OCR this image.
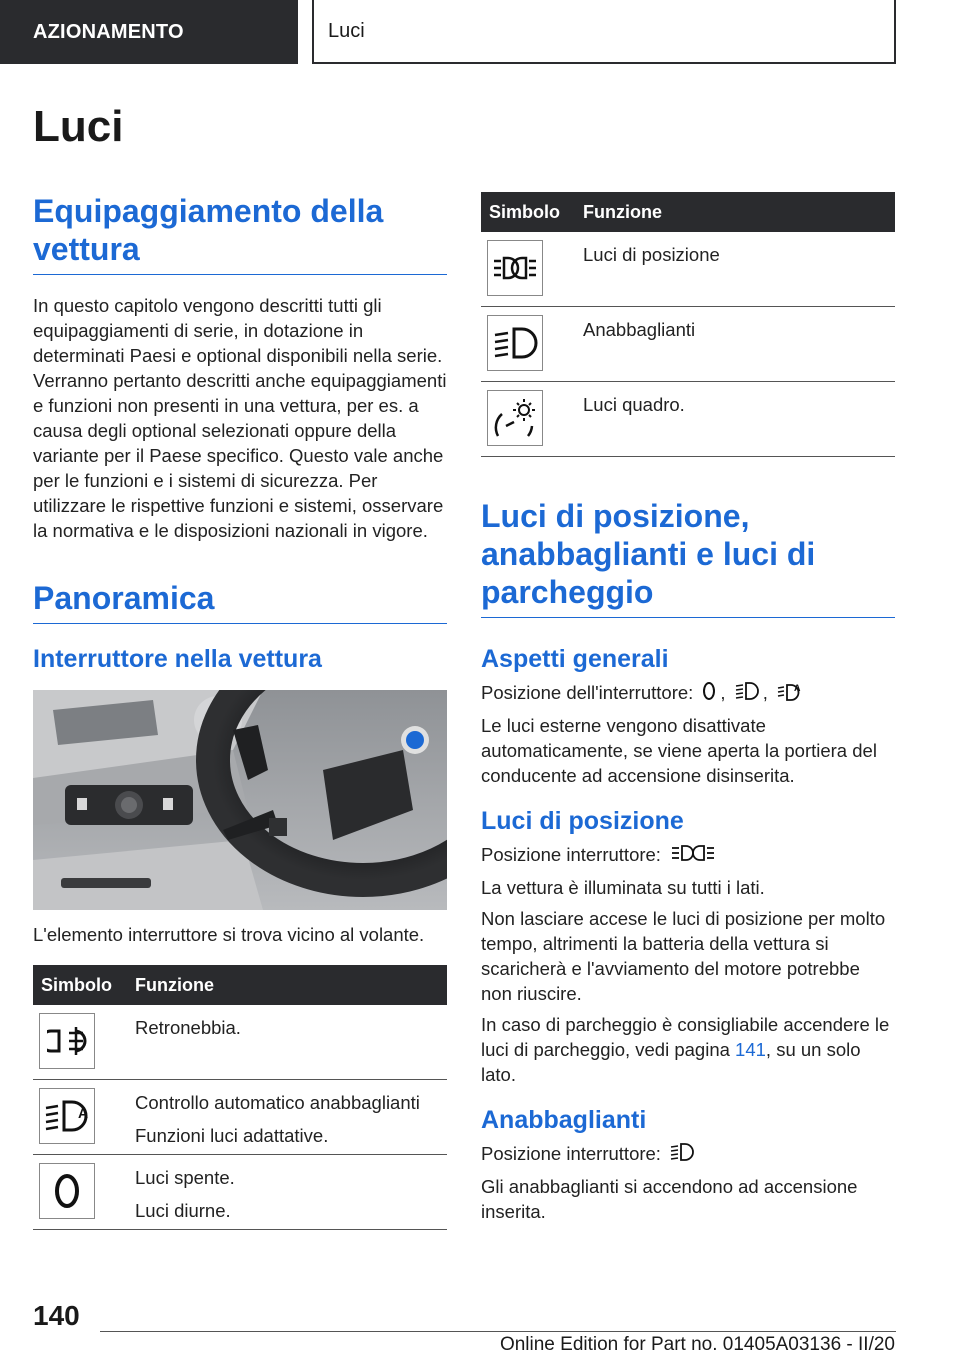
AZIONAMENTO	Luci
Luci
Equipaggiamento della vettura

In questo capitolo vengono descritti tutti gli equipaggiamenti di serie, in dotazione in determinati Paesi e optional disponibili nella serie. Verranno pertanto descritti anche equipaggiamenti e funzioni non presenti in una vettura, per es. a causa degli optional selezionati oppure della variante per il Paese specifico. Questo vale anche per le funzioni e i sistemi di sicurezza. Per utilizzare le rispettive funzioni e sistemi, osservare la normativa e le disposizioni nazionali in vigore.

Panoramica
Interruttore nella vettura

L'elemento interruttore si trova vicino al volante.

Simbolo	Funzione

Retronebbia.

A	Controllo automatico anabbaglianti
Funzioni luci adattative.

Luci spente.
Luci diurne.
Simbolo	Funzione

Luci di posizione

Anabbaglianti

Luci quadro.
Luci di posizione, anabbaglianti e luci di parcheggio
Aspetti generali

Posizione dell'interruttore: , ,	A

Le luci esterne vengono disattivate automaticamente, se viene aperta la portiera del conducente ad accensione disinserita.

Luci di posizione

Posizione interruttore:

La vettura è illuminata su tutti i lati.

Non lasciare accese le luci di posizione per molto tempo, altrimenti la batteria della vettura si scaricherà e l'avviamento del motore potrebbe non riuscire.

In caso di parcheggio è consigliabile accendere le luci di parcheggio, vedi pagina 141, su un solo lato.

Anabbaglianti

Posizione interruttore:

Gli anabbaglianti si accendono ad accensione inserita.

140
Online Edition for Part no. 01405A03136 - II/20
